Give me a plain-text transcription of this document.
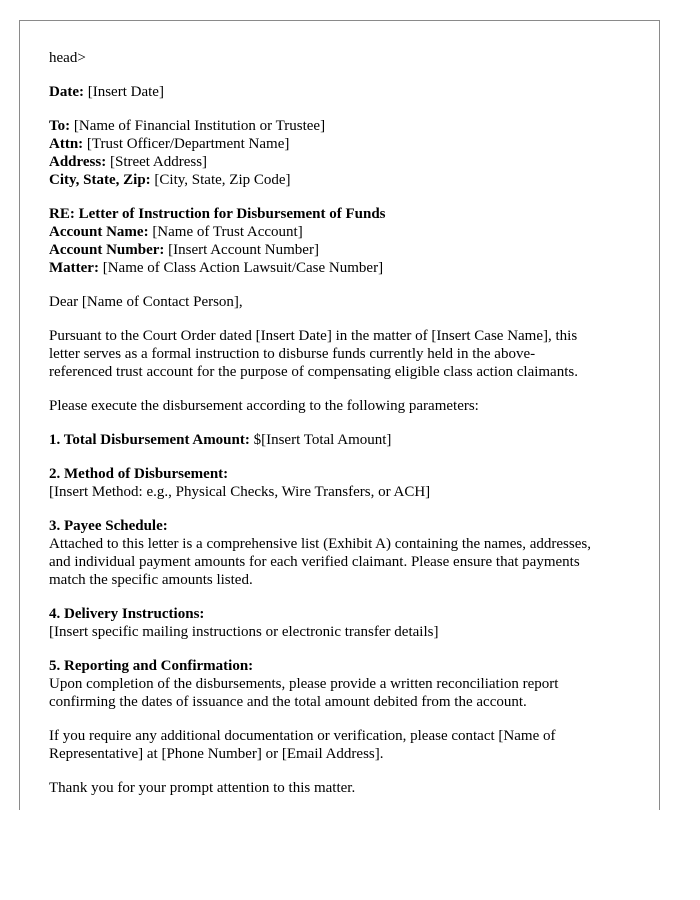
head>

Date: [Insert Date]

To: [Name of Financial Institution or Trustee]
Attn: [Trust Officer/Department Name]
Address: [Street Address]
City, State, Zip: [City, State, Zip Code]

RE: Letter of Instruction for Disbursement of Funds
Account Name: [Name of Trust Account]
Account Number: [Insert Account Number]
Matter: [Name of Class Action Lawsuit/Case Number]

Dear [Name of Contact Person],

Pursuant to the Court Order dated [Insert Date] in the matter of [Insert Case Name], this
letter serves as a formal instruction to disburse funds currently held in the above-
referenced trust account for the purpose of compensating eligible class action claimants.

Please execute the disbursement according to the following parameters:

1. Total Disbursement Amount: $[Insert Total Amount]

2. Method of Disbursement:
[Insert Method: e.g., Physical Checks, Wire Transfers, or ACH]

3. Payee Schedule:
Attached to this letter is a comprehensive list (Exhibit A) containing the names, addresses,
and individual payment amounts for each verified claimant. Please ensure that payments
match the specific amounts listed.

4. Delivery Instructions:
[Insert specific mailing instructions or electronic transfer details]

5. Reporting and Confirmation:
Upon completion of the disbursements, please provide a written reconciliation report
confirming the dates of issuance and the total amount debited from the account.

If you require any additional documentation or verification, please contact [Name of
Representative] at [Phone Number] or [Email Address].

Thank you for your prompt attention to this matter.
